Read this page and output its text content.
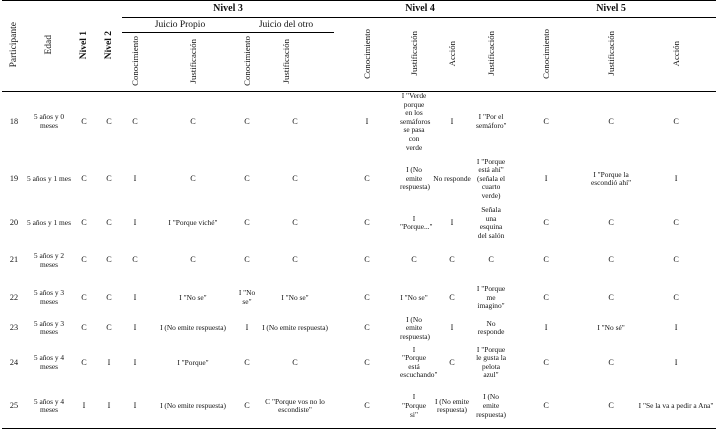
Participante	Edad	Nivel 1	Nivel 2	Nivel 3					Nivel 4				Nivel 5			
				Juicio Propio		Juicio del otro			Conocimiento	Justificación	Acción	Justificación	Conocimiento	Justificación	Acción	
				Conocimiento	Justificación	Conocimiento	Justificación									
18	5 años y 0 meses	C	C	C	C	C	C		I	I "Verde porque en los semáforos se pasa con verde	I	I "Por el semáforo"	C	C	C	
19	5 años y 1 mes	C	C	I	C	C	C		C	I (No emite respuesta)	No responde	I "Porque está ahí" (señala el cuarto verde)	I	I "Porque la escondió ahí"	I	
20	5 años y 1 mes	C	C	I	I "Porque viché"	C	C		C	I "Porque..."	I	Señala una esquina del salón	C	C	C	
21	5 años y 2 meses	C	C	C	C	C	C		C	C	C	C	C	C	C	
22	5 años y 3 meses	C	C	I	I "No se"	I "No se"	I "No se"		C	I "No se"	C	I "Porque me imagino"	C	C	C	
23	5 años y 3 meses	C	C	I	I (No emite respuesta)	I	I (No emite respuesta)		C	I (No emite respuesta)	I	No responde	I	I "No sé"	I	
24	5 años y 4 meses	C	I	I	I "Porque"	C	C		C	I "Porque está escuchando"	C	I "Porque le gusta la pelota azul"	C	C	I	
25	5 años y 4 meses	I	I	I	I (No emite respuesta)	C	C "Porque vos no lo escondiste"		C	I "Porque si"	I (No emite respuesta)	I (No emite respuesta)	C	C	I "Se la va a pedir a Ana"	
